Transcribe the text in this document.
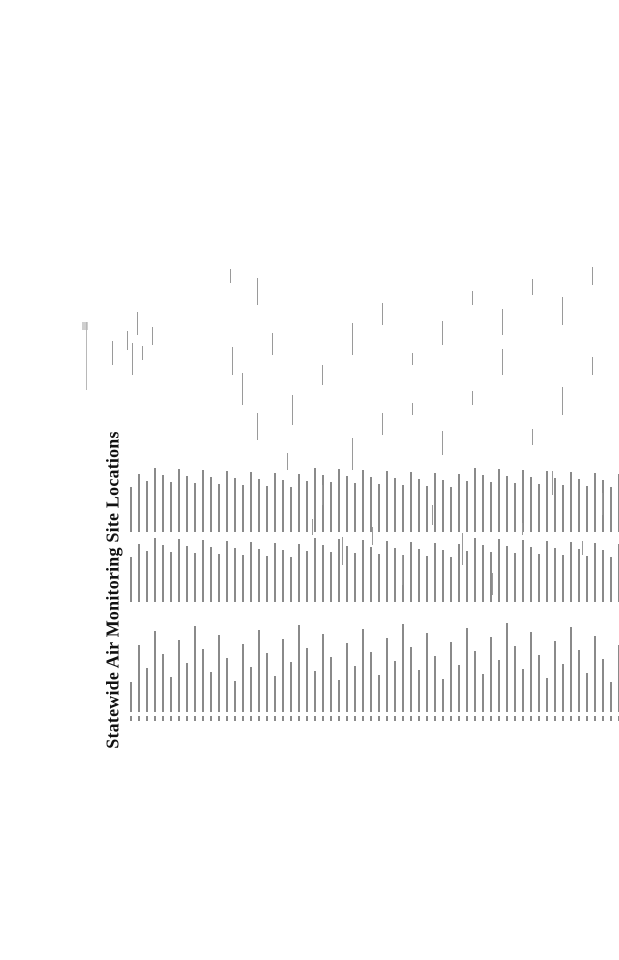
Statewide Air Monitoring Site Locations
